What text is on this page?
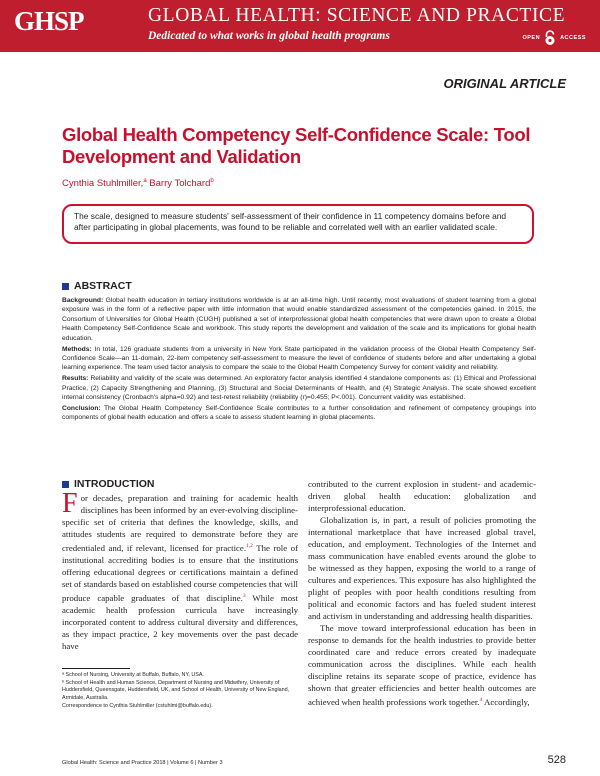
GHSP	GLOBAL HEALTH: SCIENCE AND PRACTICE
Dedicated to what works in global health programs	OPEN	ACCESS
ORIGINAL ARTICLE
Global Health Competency Self-Confidence Scale: Tool Development and Validation
Cynthia Stuhlmiller,$^a$ Barry Tolchard$^b$
The scale, designed to measure students' self-assessment of their confidence in 11 competency domains before and after participating in global placements, was found to be reliable and correlated well with an earlier validated scale.
ABSTRACT

Background: Global health education in tertiary institutions worldwide is at an all-time high. Until recently, most evaluations of student learning from a global exposure was in the form of a reflective paper with little information that would enable standardized assessment of the competencies gained. In 2015, the Consortium of Universities for Global Health (CUGH) published a set of interprofessional global health competencies that were drawn upon to create a Global Health Competency Self-Confidence Scale and workbook. This study reports the development and validation of the scale and its implications for global health education.

Methods: In total, 126 graduate students from a university in New York State participated in the validation process of the Global Health Competency Self-Confidence Scale—an 11-domain, 22-item competency self-assessment to measure the level of confidence of students before and after undertaking a global learning experience. The team used factor analysis to compare the scale to the Global Health Competency Survey for content validity and reliability.

Results: Reliability and validity of the scale was determined. An exploratory factor analysis identified 4 standalone components as: (1) Ethical and Professional Practice, (2) Capacity Strengthening and Planning, (3) Structural and Social Determinants of Health, and (4) Strategic Analysis. The scale showed excellent internal consistency (Cronbach's alpha=0.92) and test-retest reliability (reliability (r)=0.455; P<.001). Concurrent validity was established.

Conclusion: The Global Health Competency Self-Confidence Scale contributes to a further consolidation and refinement of competency groupings into components of global health education and offers a scale to assess student learning in global placements.

INTRODUCTION

For decades, preparation and training for academic health disciplines has been informed by an ever-evolving discipline-specific set of criteria that defines the knowledge, skills, and attitudes students are required to demonstrate before they are credentialed and, if relevant, licensed for practice.$^{1,2}$ The role of institutional accrediting bodies is to ensure that the institutions offering educational degrees or certifications maintain a defined set of standards based on established course competencies that will produce capable graduates of that discipline.$^3$ While most academic health profession curricula have increasingly incorporated content to address cultural diversity and differences, as they impact practice, 2 key movements over the past decade have

contributed to the current explosion in student- and academic-driven global health education: globalization and interprofessional education.

Globalization is, in part, a result of policies promoting the international marketplace that have increased global travel, education, and employment. Technologies of the Internet and mass communication have enabled events around the globe to be witnessed as they happen, exposing the world to a range of cultures and experiences. This exposure has also highlighted the plight of peoples with poor health conditions resulting from political and economic factors and has fueled student interest and activism in understanding and addressing health disparities.

The move toward interprofessional education has been in response to demands for the health industries to provide better coordinated care and reduce errors created by inadequate communication across the disciplines. While each health discipline retains its separate scope of practice, evidence has shown that greater efficiencies and better health outcomes are achieved when health professions work together.$^4$ Accordingly,

ᵃ School of Nursing, University at Buffalo, Buffalo, NY, USA.

ᵇ School of Health and Human Science, Department of Nursing and Midwifery, University of Huddersfield, Queensgate, Huddersfield, UK, and School of Health, University of New England, Armidale, Australia.

Correspondence to Cynthia Stuhlmiller (cstuhlmi@buffalo.edu).

Global Health: Science and Practice 2018 | Volume 6 | Number 3	528
